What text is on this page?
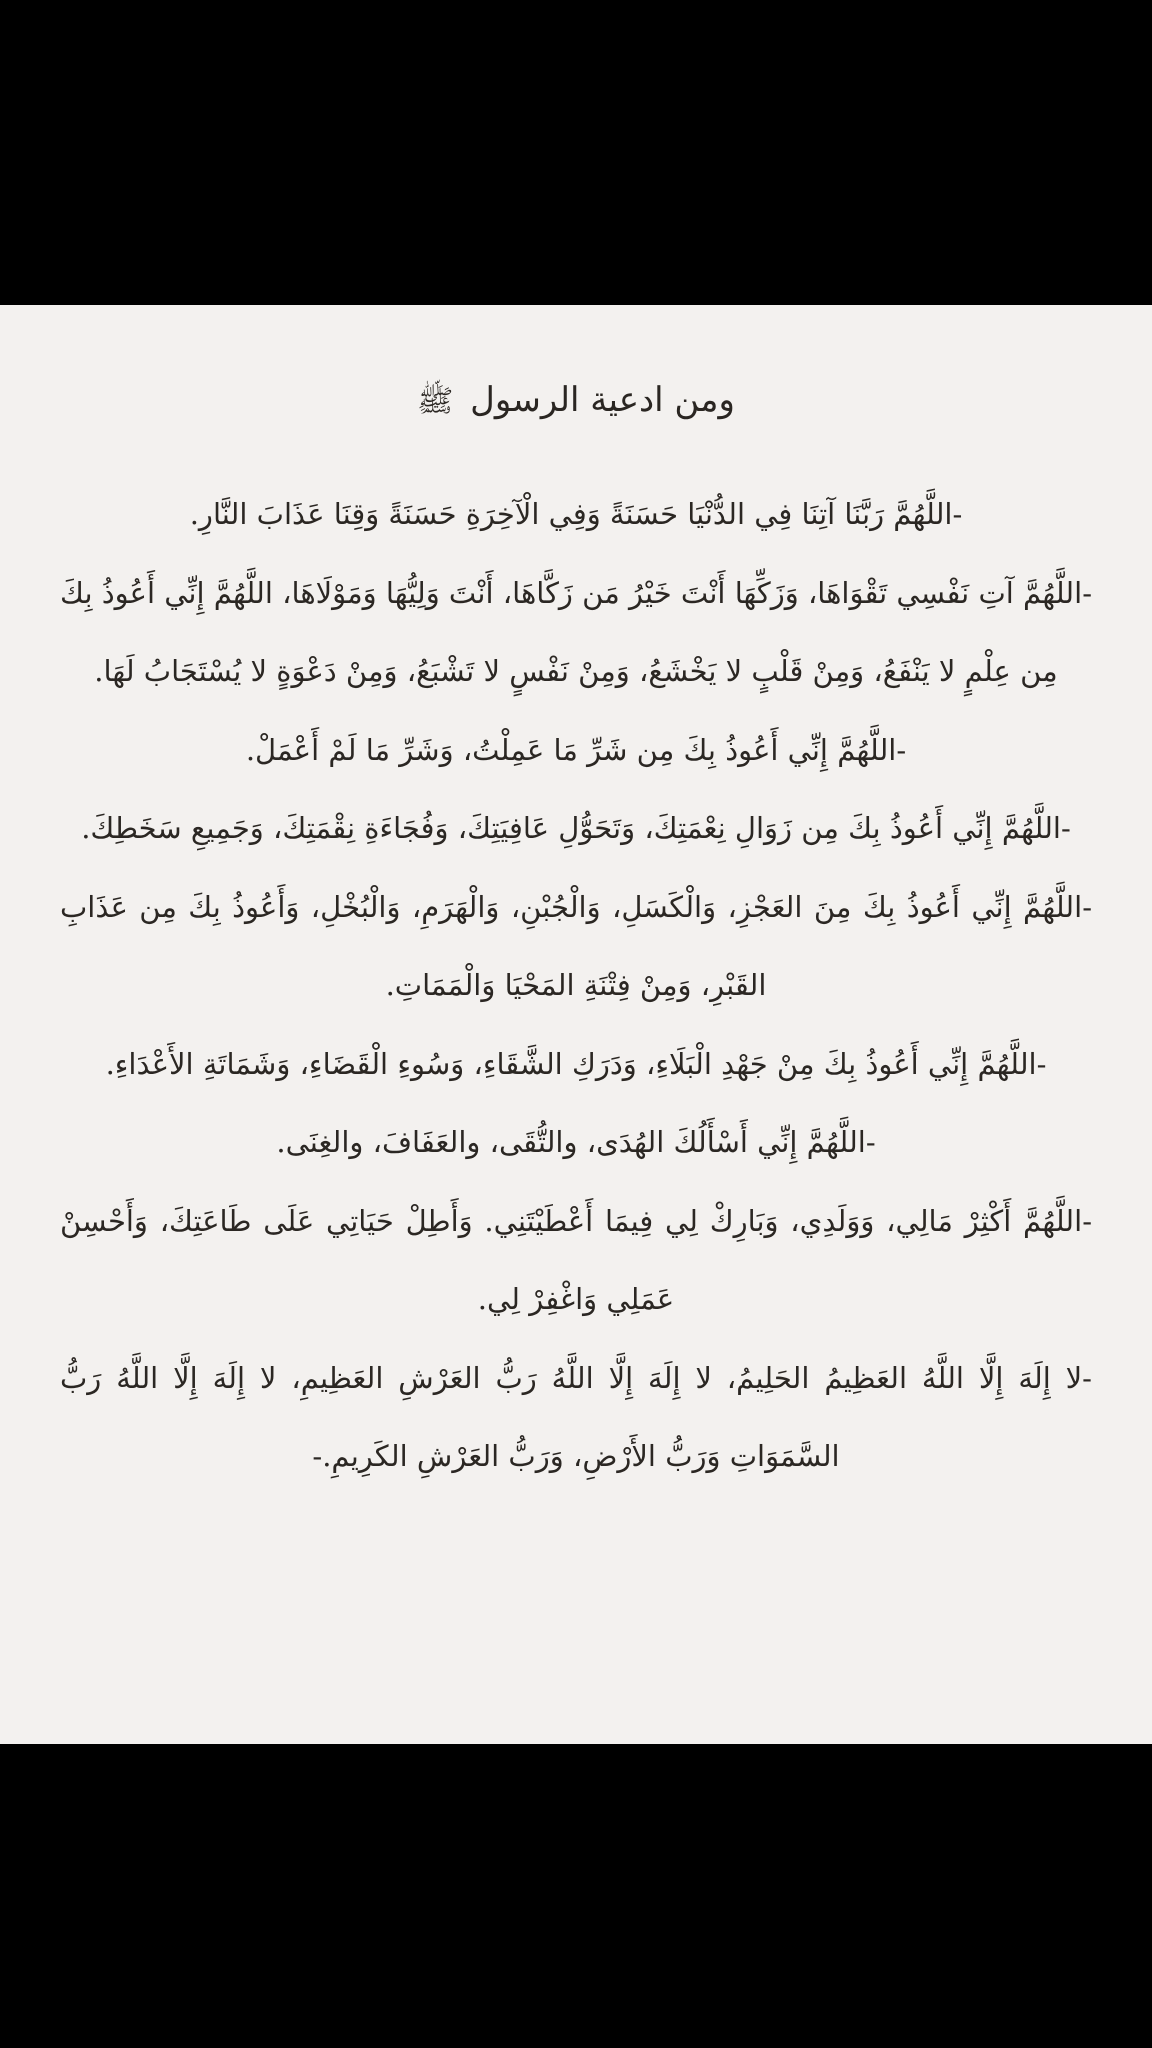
ومن ادعية الرسول ﷺ

-اللَّهُمَّ رَبَّنَا آتِنَا فِي الدُّنْيَا حَسَنَةً وَفِي الْآخِرَةِ حَسَنَةً وَقِنَا عَذَابَ النَّارِ.

-اللَّهُمَّ آتِ نَفْسِي تَقْوَاهَا، وَزَكِّهَا أَنْتَ خَيْرُ مَن زَكَّاهَا، أَنْتَ وَلِيُّهَا وَمَوْلَاهَا، اللَّهُمَّ إِنِّي أَعُوذُ بِكَ مِن عِلْمٍ لا يَنْفَعُ، وَمِنْ قَلْبٍ لا يَخْشَعُ، وَمِنْ نَفْسٍ لا تَشْبَعُ، وَمِنْ دَعْوَةٍ لا يُسْتَجَابُ لَهَا.

-اللَّهُمَّ إِنِّي أَعُوذُ بِكَ مِن شَرِّ مَا عَمِلْتُ، وَشَرِّ مَا لَمْ أَعْمَلْ.

-اللَّهُمَّ إِنِّي أَعُوذُ بِكَ مِن زَوَالِ نِعْمَتِكَ، وَتَحَوُّلِ عَافِيَتِكَ، وَفُجَاءَةِ نِقْمَتِكَ، وَجَمِيعِ سَخَطِكَ.

-اللَّهُمَّ إِنِّي أَعُوذُ بِكَ مِنَ العَجْزِ، وَالْكَسَلِ، وَالْجُبْنِ، وَالْهَرَمِ، وَالْبُخْلِ، وَأَعُوذُ بِكَ مِن عَذَابِ القَبْرِ، وَمِنْ فِتْنَةِ المَحْيَا وَالْمَمَاتِ.

-اللَّهُمَّ إِنِّي أَعُوذُ بِكَ مِنْ جَهْدِ الْبَلَاءِ، وَدَرَكِ الشَّقَاءِ، وَسُوءِ الْقَضَاءِ، وَشَمَاتَةِ الأَعْدَاءِ.

-اللَّهُمَّ إِنِّي أَسْأَلُكَ الهُدَى، والتُّقَى، والعَفَافَ، والغِنَى.

-اللَّهُمَّ أَكْثِرْ مَالِي، وَوَلَدِي، وَبَارِكْ لِي فِيمَا أَعْطَيْتَنِي. وَأَطِلْ حَيَاتِي عَلَى طَاعَتِكَ، وَأَحْسِنْ عَمَلِي وَاغْفِرْ لِي.

-لا إِلَهَ إِلَّا اللَّهُ العَظِيمُ الحَلِيمُ، لا إِلَهَ إِلَّا اللَّهُ رَبُّ العَرْشِ العَظِيمِ، لا إِلَهَ إِلَّا اللَّهُ رَبُّ السَّمَوَاتِ وَرَبُّ الأَرْضِ، وَرَبُّ العَرْشِ الكَرِيمِ.-
